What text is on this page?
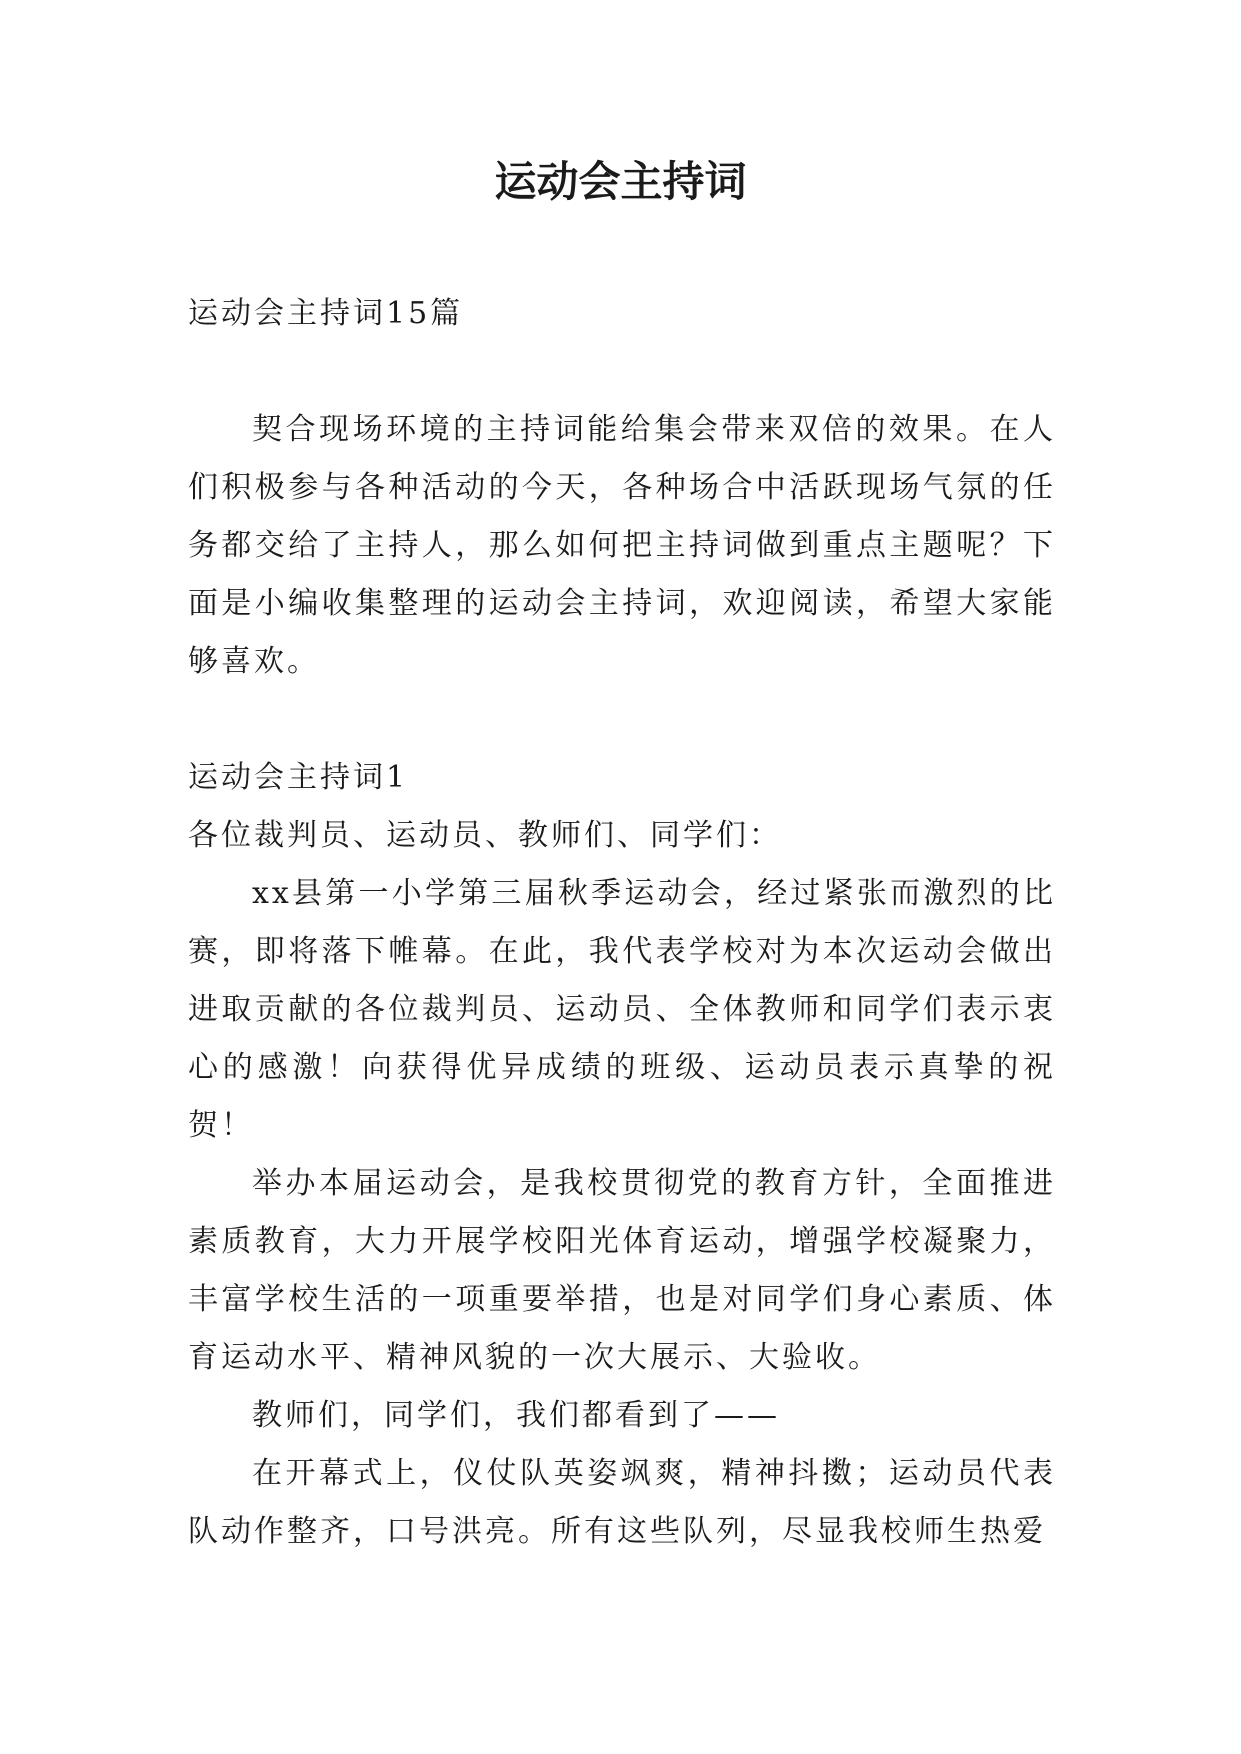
运动会主持词

运动会主持词15篇

契合现场环境的主持词能给集会带来双倍的效果。在人们积极参与各种活动的今天，各种场合中活跃现场气氛的任务都交给了主持人，那么如何把主持词做到重点主题呢？下面是小编收集整理的运动会主持词，欢迎阅读，希望大家能够喜欢。

运动会主持词1

各位裁判员、运动员、教师们、同学们：

xx县第一小学第三届秋季运动会，经过紧张而激烈的比赛，即将落下帷幕。在此，我代表学校对为本次运动会做出进取贡献的各位裁判员、运动员、全体教师和同学们表示衷心的感激！向获得优异成绩的班级、运动员表示真挚的祝贺！

举办本届运动会，是我校贯彻党的教育方针，全面推进素质教育，大力开展学校阳光体育运动，增强学校凝聚力，丰富学校生活的一项重要举措，也是对同学们身心素质、体育运动水平、精神风貌的一次大展示、大验收。

教师们，同学们，我们都看到了——

在开幕式上，仪仗队英姿飒爽，精神抖擞；运动员代表队动作整齐，口号洪亮。所有这些队列，尽显我校师生热爱
